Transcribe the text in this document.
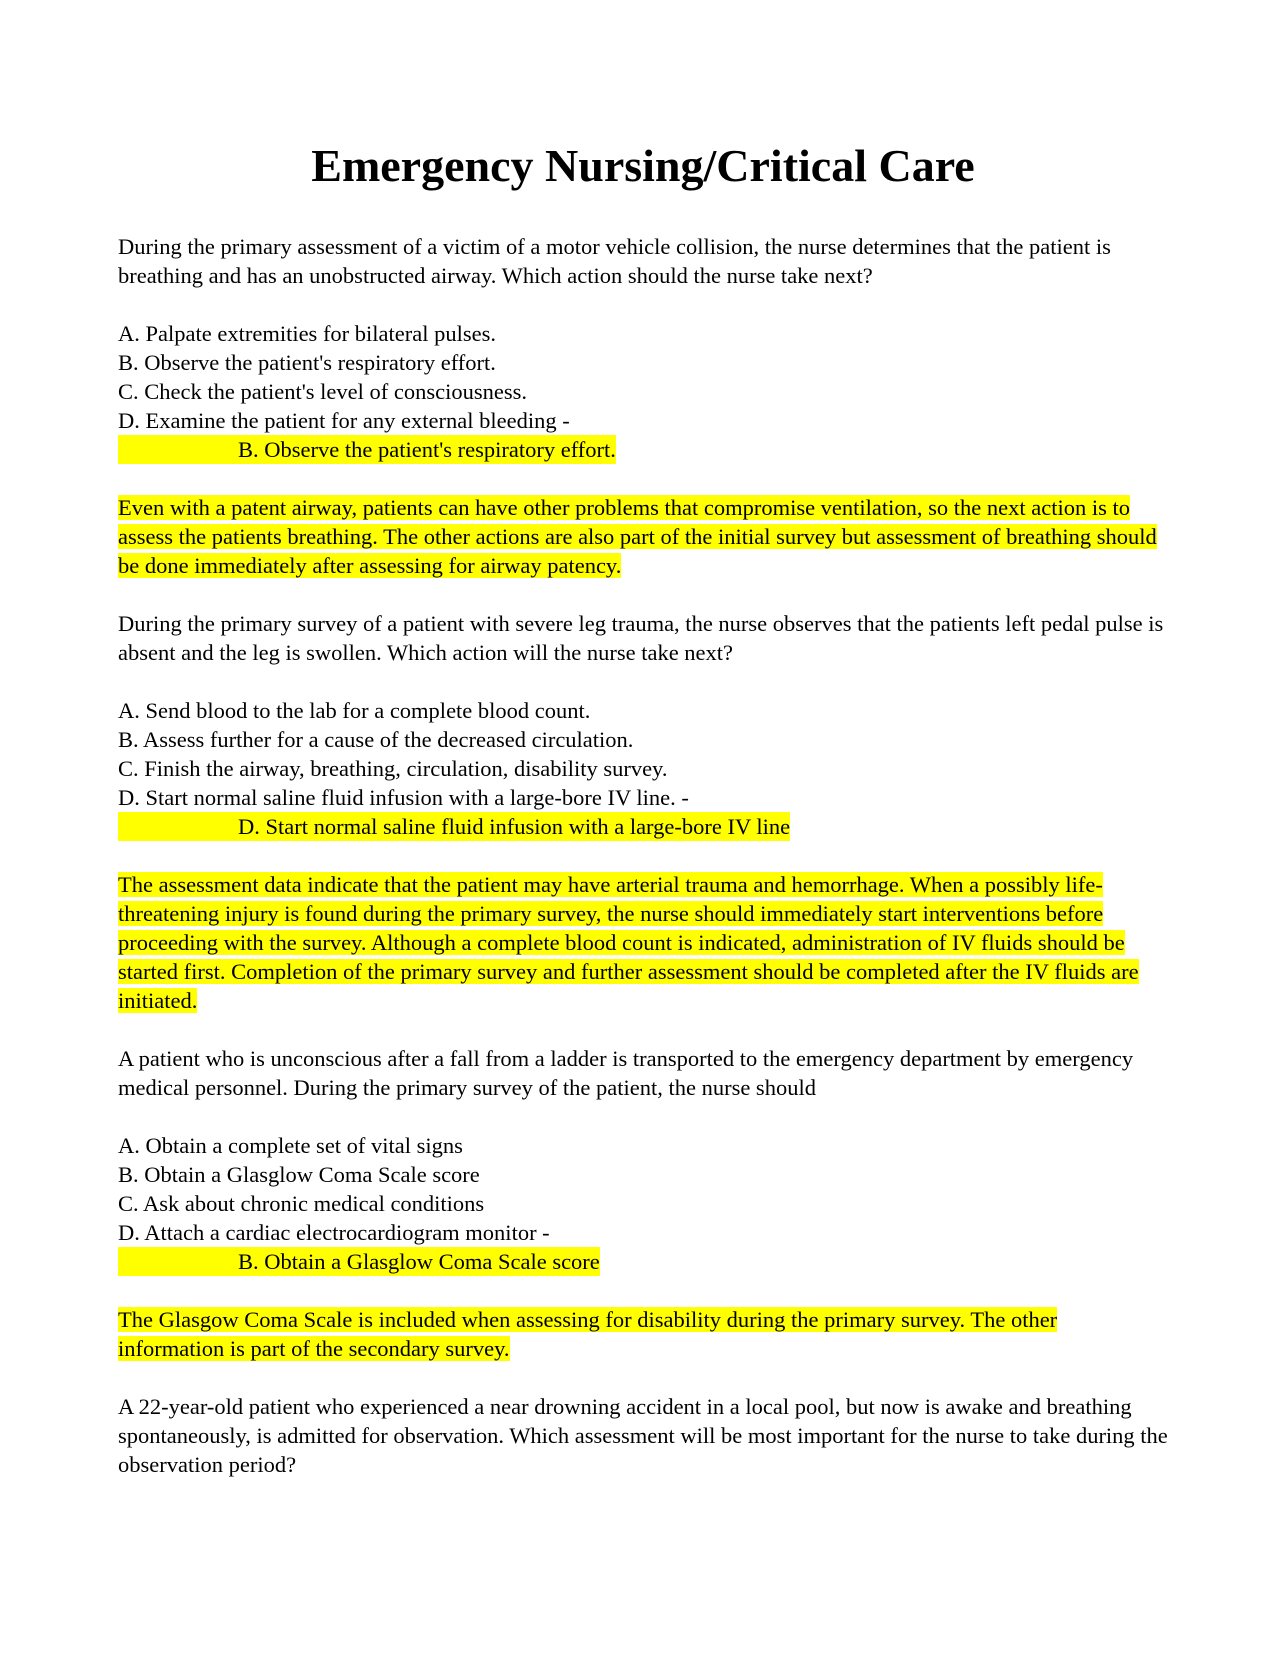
Emergency Nursing/Critical Care

During the primary assessment of a victim of a motor vehicle collision, the nurse determines that the patient is breathing and has an unobstructed airway. Which action should the nurse take next?

A. Palpate extremities for bilateral pulses.

B. Observe the patient's respiratory effort.

C. Check the patient's level of consciousness.

D. Examine the patient for any external bleeding -

B. Observe the patient's respiratory effort.

Even with a patent airway, patients can have other problems that compromise ventilation, so the next action is to assess the patients breathing. The other actions are also part of the initial survey but assessment of breathing should be done immediately after assessing for airway patency.

During the primary survey of a patient with severe leg trauma, the nurse observes that the patients left pedal pulse is absent and the leg is swollen. Which action will the nurse take next?

A. Send blood to the lab for a complete blood count.

B. Assess further for a cause of the decreased circulation.

C. Finish the airway, breathing, circulation, disability survey.

D. Start normal saline fluid infusion with a large-bore IV line. -

D. Start normal saline fluid infusion with a large-bore IV line

The assessment data indicate that the patient may have arterial trauma and hemorrhage. When a possibly life-threatening injury is found during the primary survey, the nurse should immediately start interventions before proceeding with the survey. Although a complete blood count is indicated, administration of IV fluids should be started first. Completion of the primary survey and further assessment should be completed after the IV fluids are initiated.

A patient who is unconscious after a fall from a ladder is transported to the emergency department by emergency medical personnel. During the primary survey of the patient, the nurse should

A. Obtain a complete set of vital signs

B. Obtain a Glasglow Coma Scale score

C. Ask about chronic medical conditions

D. Attach a cardiac electrocardiogram monitor -

B. Obtain a Glasglow Coma Scale score

The Glasgow Coma Scale is included when assessing for disability during the primary survey. The other information is part of the secondary survey.

A 22-year-old patient who experienced a near drowning accident in a local pool, but now is awake and breathing spontaneously, is admitted for observation. Which assessment will be most important for the nurse to take during the observation period?
